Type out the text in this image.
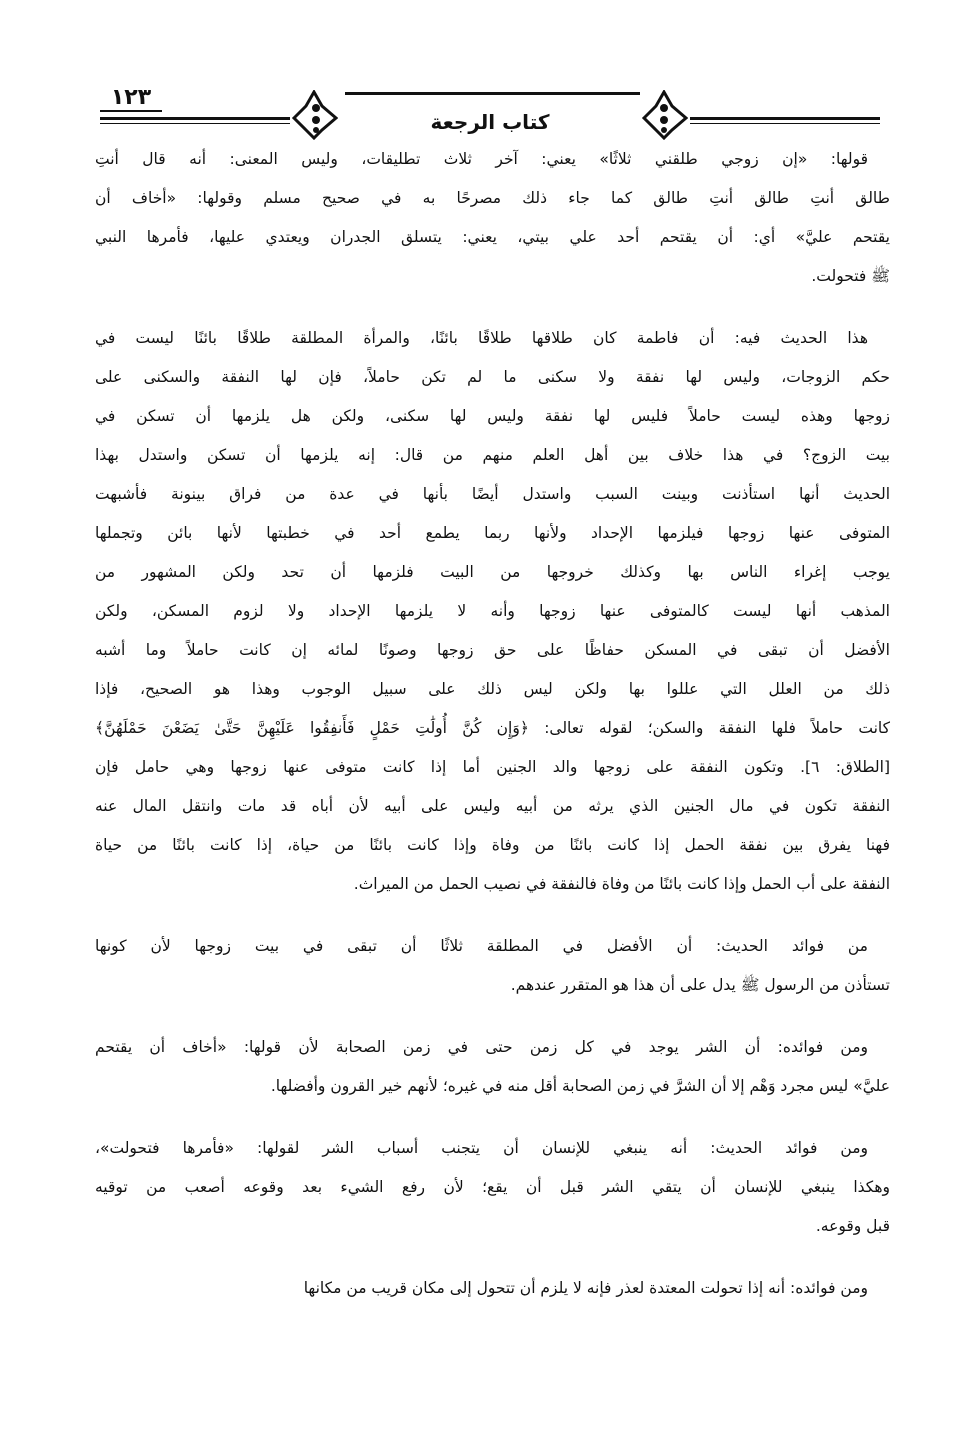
١٢٣
كتاب الرجعة
قولها: «إن زوجي طلقني ثلاثًا» يعني: آخر ثلاث تطليقات، وليس المعنى: أنه قال أنتِ
طالق أنتِ طالق أنتِ طالق كما جاء ذلك مصرحًا به في صحيح مسلم وقولها: «أخاف أن
يقتحم عليَّ» أي: أن يقتحم أحد علي بيتي، يعني: يتسلق الجدران ويعتدي عليها، فأمرها النبي
ﷺ فتحولت.
هذا الحديث فيه: أن فاطمة كان طلاقها طلاقًا بائنًا، والمرأة المطلقة طلاقًا بائنًا ليست في
حكم الزوجات، وليس لها نفقة ولا سكنى ما لم تكن حاملاً، فإن لها النفقة والسكنى على
زوجها وهذه ليست حاملاً فليس لها نفقة وليس لها سكنى، ولكن هل يلزمها أن تسكن في
بيت الزوج؟ في هذا خلاف بين أهل العلم منهم من قال: إنه يلزمها أن تسكن واستدل بهذا
الحديث أنها استأذنت وبينت السبب واستدل أيضًا بأنها في عدة من فراق بينونة فأشبهت
المتوفى عنها زوجها فيلزمها الإحداد ولأنها ربما يطمع أحد في خطبتها لأنها بائن وتجملها
يوجب إغراء الناس بها وكذلك خروجها من البيت فلزمها أن تحد ولكن المشهور من
المذهب أنها ليست كالمتوفى عنها زوجها وأنه لا يلزمها الإحداد ولا لزوم المسكن، ولكن
الأفضل أن تبقى في المسكن حفاظًا على حق زوجها وصونًا لمائه إن كانت حاملاً وما أشبه
ذلك من العلل التي عللوا بها ولكن ليس ذلك على سبيل الوجوب وهذا هو الصحيح، فإذا
كانت حاملاً فلها النفقة والسكن؛ لقوله تعالى: ﴿وَإِن كُنَّ أُولَٰتِ حَمْلٍ فَأَنفِقُوا عَلَيْهِنَّ حَتَّىٰ يَضَعْنَ حَمْلَهُنَّ﴾
[الطلاق: ٦]. وتكون النفقة على زوجها والد الجنين أما إذا كانت متوفى عنها زوجها وهي حامل فإن
النفقة تكون في مال الجنين الذي يرثه من أبيه وليس على أبيه لأن أباه قد مات وانتقل المال عنه
فهنا يفرق بين نفقة الحمل إذا كانت بائنًا من وفاة وإذا كانت بائنًا من حياة، إذا كانت بائنًا من حياة
النفقة على أب الحمل وإذا كانت بائنًا من وفاة فالنفقة في نصيب الحمل من الميراث.
من فوائد الحديث: أن الأفضل في المطلقة ثلاثًا أن تبقى في بيت زوجها لأن كونها
تستأذن من الرسول ﷺ يدل على أن هذا هو المتقرر عندهم.
ومن فوائده: أن الشر يوجد في كل زمن حتى في زمن الصحابة لأن قولها: «أخاف أن يقتحم
عليَّ» ليس مجرد وَهْم إلا أن الشرَّ في زمن الصحابة أقل منه في غيره؛ لأنهم خير القرون وأفضلها.
ومن فوائد الحديث: أنه ينبغي للإنسان أن يتجنب أسباب الشر لقولها: «فأمرها فتحولت»،
وهكذا ينبغي للإنسان أن يتقي الشر قبل أن يقع؛ لأن رفع الشيء بعد وقوعه أصعب من توقيه
قبل وقوعه.
ومن فوائده: أنه إذا تحولت المعتدة لعذر فإنه لا يلزم أن تتحول إلى مكان قريب من مكانها
